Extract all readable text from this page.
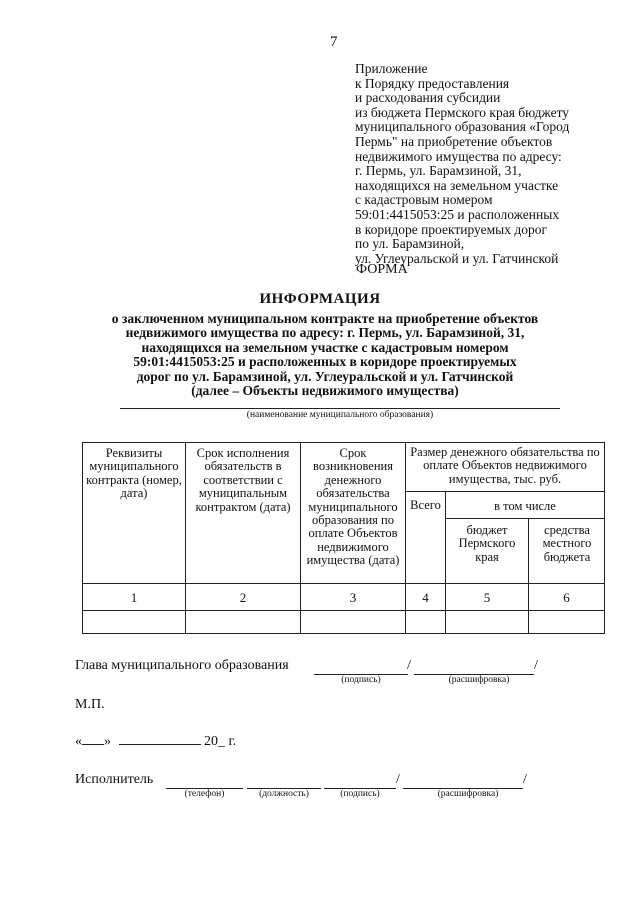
7
Приложение
к Порядку предоставления
и расходования субсидии
из бюджета Пермского края бюджету
муниципального образования «Город
Пермь" на приобретение объектов
недвижимого имущества по адресу:
г. Пермь, ул. Барамзиной, 31,
находящихся на земельном участке
с кадастровым номером
59:01:4415053:25 и расположенных
в коридоре проектируемых дорог
по ул. Барамзиной,
ул. Углеуральской и ул. Гатчинской
ФОРМА
ИНФОРМАЦИЯ
о заключенном муниципальном контракте на приобретение объектов
недвижимого имущества по адресу: г. Пермь, ул. Барамзиной, 31,
находящихся на земельном участке с кадастровым номером
59:01:4415053:25 и расположенных в коридоре проектируемых
дорог по ул. Барамзиной, ул. Углеуральской и ул. Гатчинской
(далее – Объекты недвижимого имущества)
(наименование муниципального образования)
Реквизиты муниципального контракта (номер, дата)
Срок исполнения обязательств в соответствии с муниципальным контрактом (дата)
Срок возникновения денежного обязательства муниципального образования по оплате Объектов недвижимого имущества (дата)
Размер денежного обязательства по оплате Объектов недвижимого имущества, тыс. руб.
Всего	в том числе
бюджет Пермского края
средства местного бюджета
1	2	3	4	5	6
Глава муниципального образования	/	/
(подпись)	(расшифровка)
М.П.
« »	20_ г.
Исполнитель	/	/
(телефон)	(должность)	(подпись)	(расшифровка)
